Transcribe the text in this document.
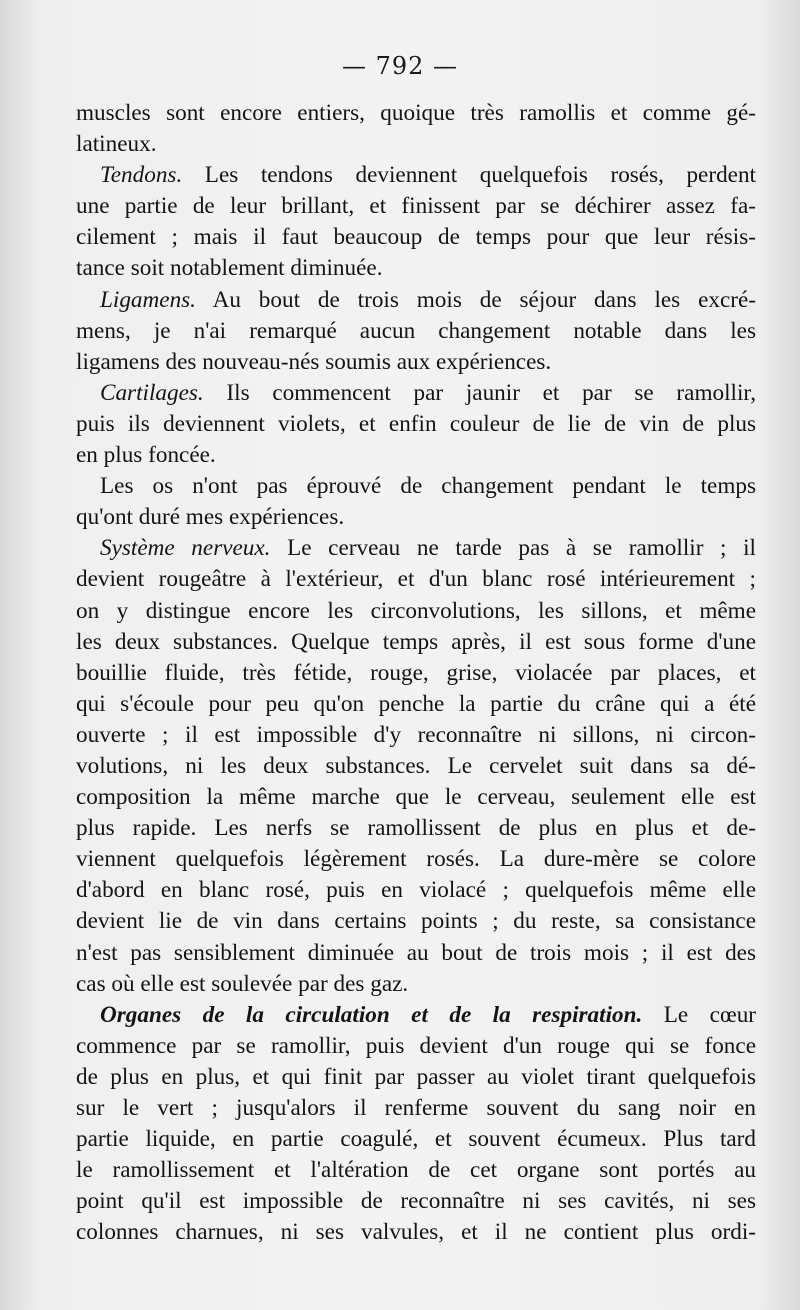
— 792 —
muscles sont encore entiers, quoique très ramollis et comme gé-
latineux.
Tendons. Les tendons deviennent quelquefois rosés, perdent
une partie de leur brillant, et finissent par se déchirer assez fa-
cilement ; mais il faut beaucoup de temps pour que leur résis-
tance soit notablement diminuée.
Ligamens. Au bout de trois mois de séjour dans les excré-
mens, je n'ai remarqué aucun changement notable dans les
ligamens des nouveau-nés soumis aux expériences.
Cartilages. Ils commencent par jaunir et par se ramollir,
puis ils deviennent violets, et enfin couleur de lie de vin de plus
en plus foncée.
Les os n'ont pas éprouvé de changement pendant le temps
qu'ont duré mes expériences.
Système nerveux. Le cerveau ne tarde pas à se ramollir ; il
devient rougeâtre à l'extérieur, et d'un blanc rosé intérieurement ;
on y distingue encore les circonvolutions, les sillons, et même
les deux substances. Quelque temps après, il est sous forme d'une
bouillie fluide, très fétide, rouge, grise, violacée par places, et
qui s'écoule pour peu qu'on penche la partie du crâne qui a été
ouverte ; il est impossible d'y reconnaître ni sillons, ni circon-
volutions, ni les deux substances. Le cervelet suit dans sa dé-
composition la même marche que le cerveau, seulement elle est
plus rapide. Les nerfs se ramollissent de plus en plus et de-
viennent quelquefois légèrement rosés. La dure-mère se colore
d'abord en blanc rosé, puis en violacé ; quelquefois même elle
devient lie de vin dans certains points ; du reste, sa consistance
n'est pas sensiblement diminuée au bout de trois mois ; il est des
cas où elle est soulevée par des gaz.
Organes de la circulation et de la respiration. Le cœur
commence par se ramollir, puis devient d'un rouge qui se fonce
de plus en plus, et qui finit par passer au violet tirant quelquefois
sur le vert ; jusqu'alors il renferme souvent du sang noir en
partie liquide, en partie coagulé, et souvent écumeux. Plus tard
le ramollissement et l'altération de cet organe sont portés au
point qu'il est impossible de reconnaître ni ses cavités, ni ses
colonnes charnues, ni ses valvules, et il ne contient plus ordi-
